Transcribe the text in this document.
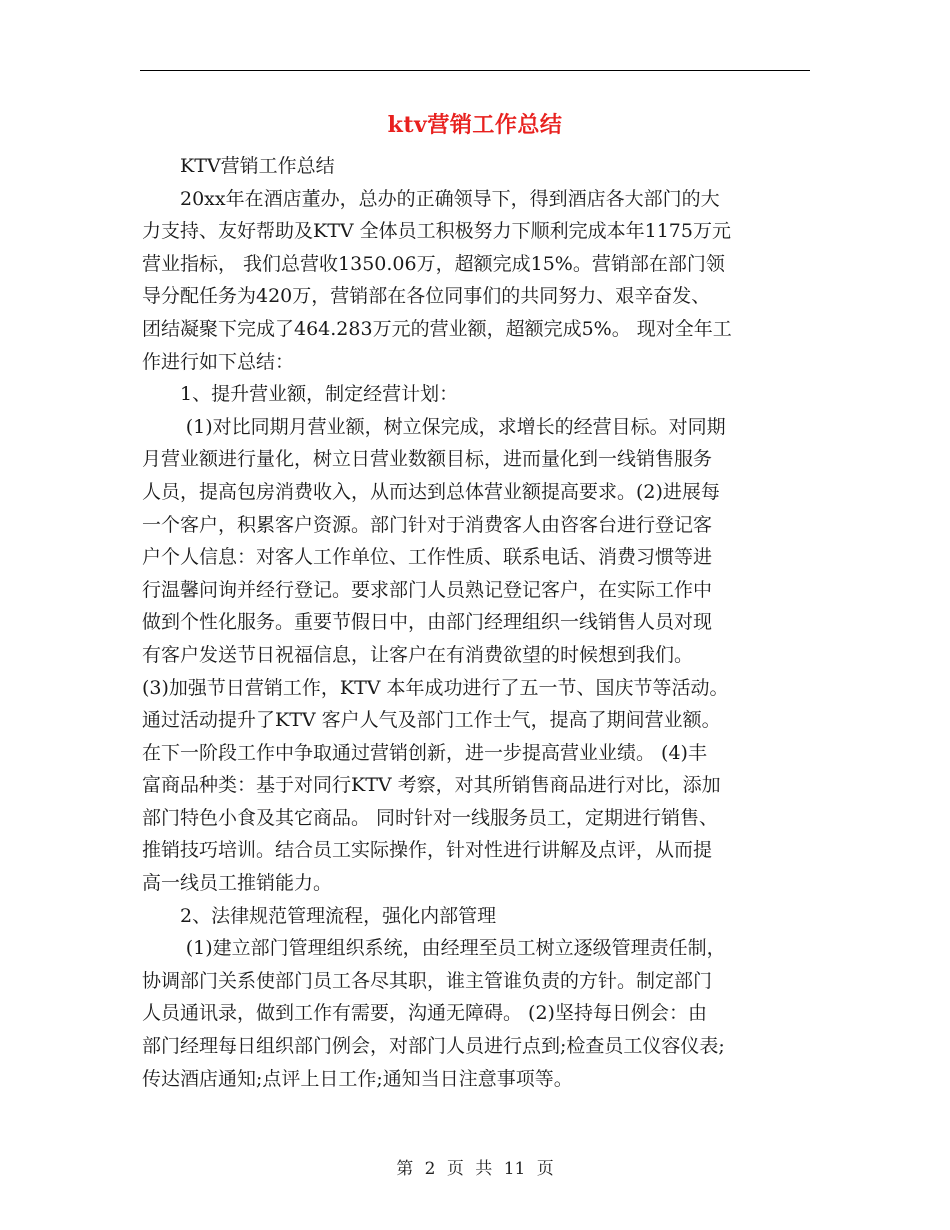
ktv营销工作总结
KTV营销工作总结
20xx年在酒店董办，总办的正确领导下，得到酒店各大部门的大
力支持、友好帮助及KTV 全体员工积极努力下顺利完成本年1175万元
营业指标， 我们总营收1350.06万，超额完成15%。营销部在部门领
导分配任务为420万，营销部在各位同事们的共同努力、艰辛奋发、
团结凝聚下完成了464.283万元的营业额，超额完成5%。 现对全年工
作进行如下总结：
1、提升营业额，制定经营计划：
(1)对比同期月营业额，树立保完成，求增长的经营目标。对同期
月营业额进行量化，树立日营业数额目标，进而量化到一线销售服务
人员，提高包房消费收入，从而达到总体营业额提高要求。(2)进展每
一个客户，积累客户资源。部门针对于消费客人由咨客台进行登记客
户个人信息：对客人工作单位、工作性质、联系电话、消费习惯等进
行温馨问询并经行登记。要求部门人员熟记登记客户，在实际工作中
做到个性化服务。重要节假日中，由部门经理组织一线销售人员对现
有客户发送节日祝福信息，让客户在有消费欲望的时候想到我们。
(3)加强节日营销工作，KTV 本年成功进行了五一节、国庆节等活动。
通过活动提升了KTV 客户人气及部门工作士气，提高了期间营业额。
在下一阶段工作中争取通过营销创新，进一步提高营业业绩。 (4)丰
富商品种类：基于对同行KTV 考察，对其所销售商品进行对比，添加
部门特色小食及其它商品。 同时针对一线服务员工，定期进行销售、
推销技巧培训。结合员工实际操作，针对性进行讲解及点评，从而提
高一线员工推销能力。
2、法律规范管理流程，强化内部管理
(1)建立部门管理组织系统，由经理至员工树立逐级管理责任制，
协调部门关系使部门员工各尽其职，谁主管谁负责的方针。制定部门
人员通讯录，做到工作有需要，沟通无障碍。 (2)坚持每日例会：由
部门经理每日组织部门例会，对部门人员进行点到;检查员工仪容仪表;
传达酒店通知;点评上日工作;通知当日注意事项等。
第 2 页 共 11 页
